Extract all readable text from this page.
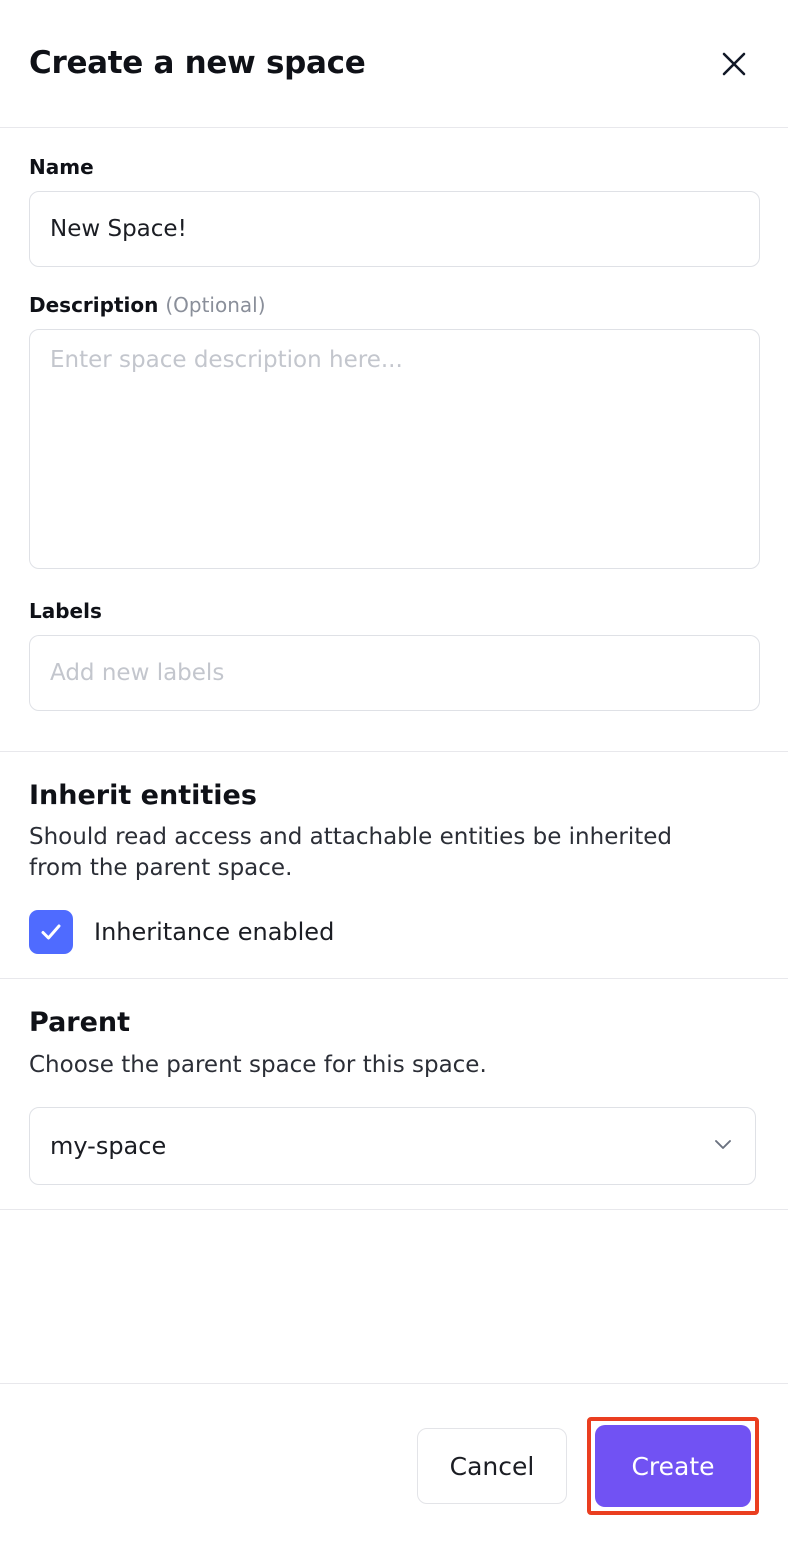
Create a new space
Name
New Space!
Description (Optional)
Enter space description here...
Labels
Add new labels
Inherit entities
Should read access and attachable entities be inherited from the parent space.
Inheritance enabled
Parent
Choose the parent space for this space.
my-space
Cancel	Create
